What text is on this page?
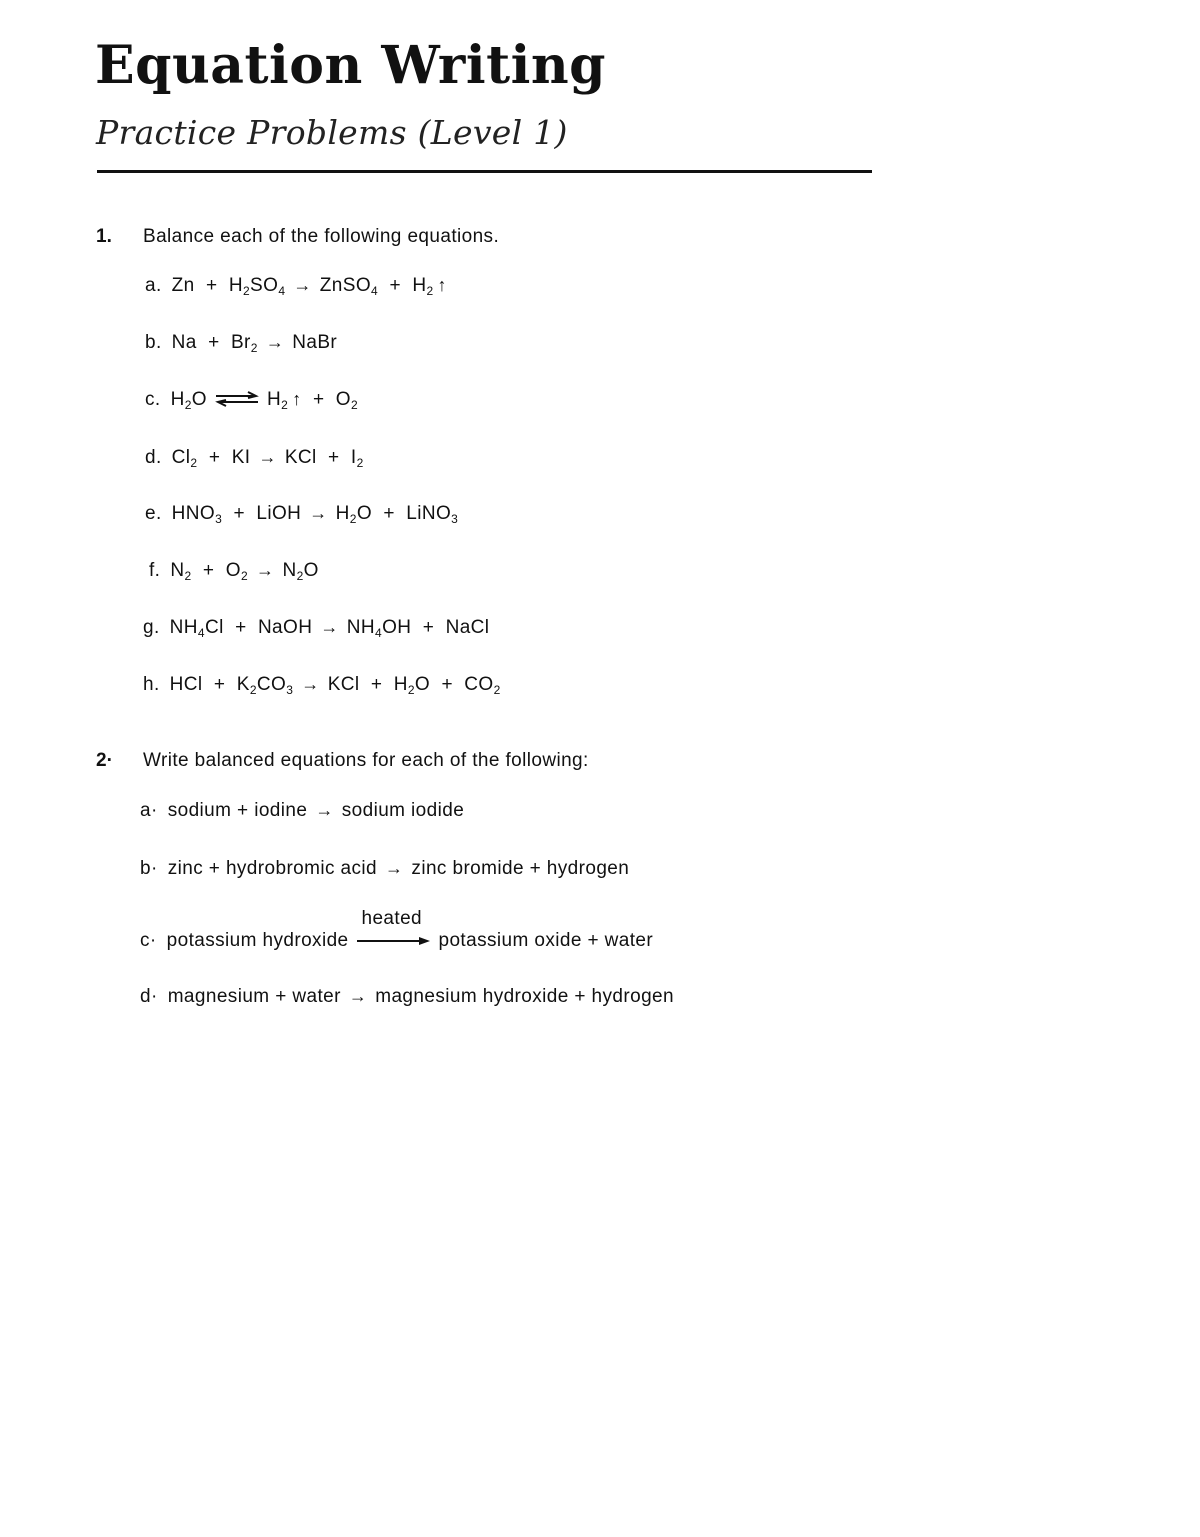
Equation Writing
Practice Problems (Level 1)
1. Balance each of the following equations.
a. $Zn + H_2SO_4$ → ZnSO$_4$  +  $H_2$ ↑
b. $Na + Br_2$ → NaBr
c. $H_2O$ ⇌ $H_2$ ↑  +  $O_2$
d. $Cl_2$  +  KI → KCl  +  $I_2$
e. $HNO_3$  +  LiOH → $H_2O$  +  LiNO$_3$
f. $N_2 + O_2 \to N_2O$
g. $NH_4Cl$  +  NaOH → $NH_4OH$  +  NaCl
h. HCl  +  $K_2CO_3$ → KCl  +  $H_2O + CO_2$
2· Write balanced equations for each of the following:
a· sodium + iodine → sodium iodide
b· zinc + hydrobromic acid → zinc bromide + hydrogen
c· potassium hydroxide
heated
potassium oxide + water
d· magnesium + water → magnesium hydroxide + hydrogen
